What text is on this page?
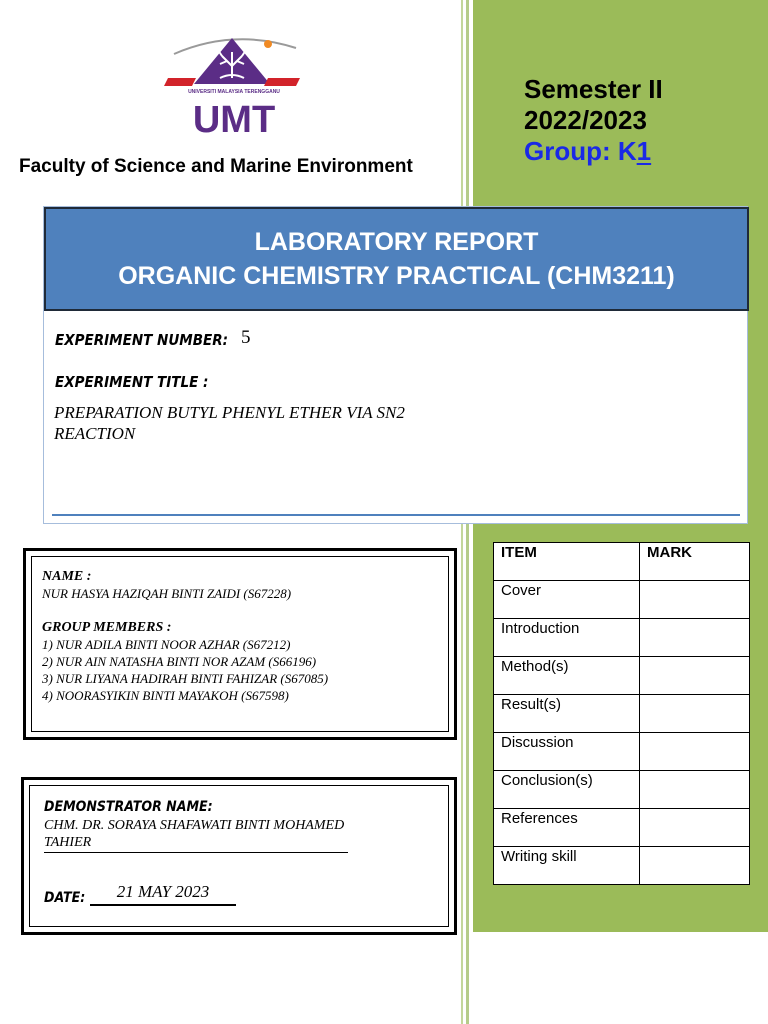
UNIVERSITI MALAYSIA TERENGGANU
UMT
Faculty of Science and Marine Environment
Semester II
2022/2023
Group: K1
LABORATORY REPORT
ORGANIC CHEMISTRY PRACTICAL (CHM3211)
EXPERIMENT NUMBER: 5
EXPERIMENT TITLE :
PREPARATION BUTYL PHENYL ETHER VIA SN2 REACTION
NAME :
NUR HASYA HAZIQAH BINTI ZAIDI (S67228)
GROUP MEMBERS :
1) NUR ADILA BINTI NOOR AZHAR (S67212)
2) NUR AIN NATASHA BINTI NOR AZAM (S66196)
3) NUR LIYANA HADIRAH BINTI FAHIZAR (S67085)
4) NOORASYIKIN BINTI MAYAKOH (S67598)
DEMONSTRATOR NAME:
CHM. DR. SORAYA SHAFAWATI BINTI MOHAMED TAHIER
DATE:	21 MAY 2023
ITEM	MARK
Cover	
Introduction	
Method(s)	
Result(s)	
Discussion	
Conclusion(s)	
References	
Writing skill	
